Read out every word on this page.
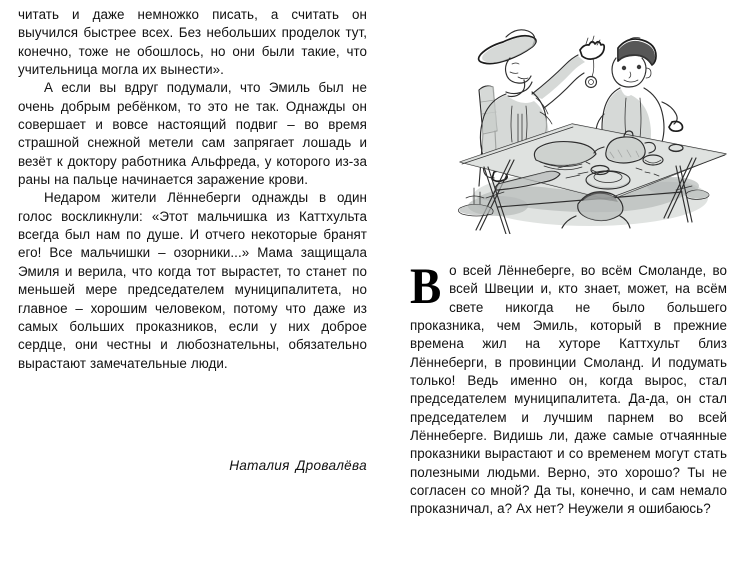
читать и даже немножко писать, а считать он выучился быстрее всех. Без небольших проделок тут, конечно, тоже не обошлось, но они были такие, что учительница могла их вынести».

А если вы вдруг подумали, что Эмиль был не очень добрым ребёнком, то это не так. Однажды он совершает и вовсе настоящий подвиг – во время страшной снежной метели сам запрягает лошадь и везёт к доктору работника Альфреда, у которого из-за раны на пальце начинается заражение крови.

Недаром жители Лённеберги однажды в один голос воскликнули: «Этот мальчишка из Каттхульта всегда был нам по душе. И отчего некоторые бранят его! Все мальчишки – озорники...» Мама защищала Эмиля и верила, что когда тот вырастет, то станет по меньшей мере председателем муниципалитета, но главное – хорошим человеком, потому что даже из самых больших проказников, если у них доброе сердце, они честны и любознательны, обязательно вырастают замечательные люди.

Наталия Дровалёва

Во всей Лённеберге, во всём Смоланде, во всей Швеции и, кто знает, может, на всём свете никогда не было большего проказника, чем Эмиль, который в прежние времена жил на хуторе Каттхульт близ Лённеберги, в провинции Смоланд. И подумать только! Ведь именно он, когда вырос, стал председателем муниципалитета. Да-да, он стал председателем и лучшим парнем во всей Лённеберге. Видишь ли, даже самые отчаянные проказники вырастают и со временем могут стать полезными людьми. Верно, это хорошо? Ты не согласен со мной? Да ты, конечно, и сам немало проказничал, а? Ах нет? Неужели я ошибаюсь?
